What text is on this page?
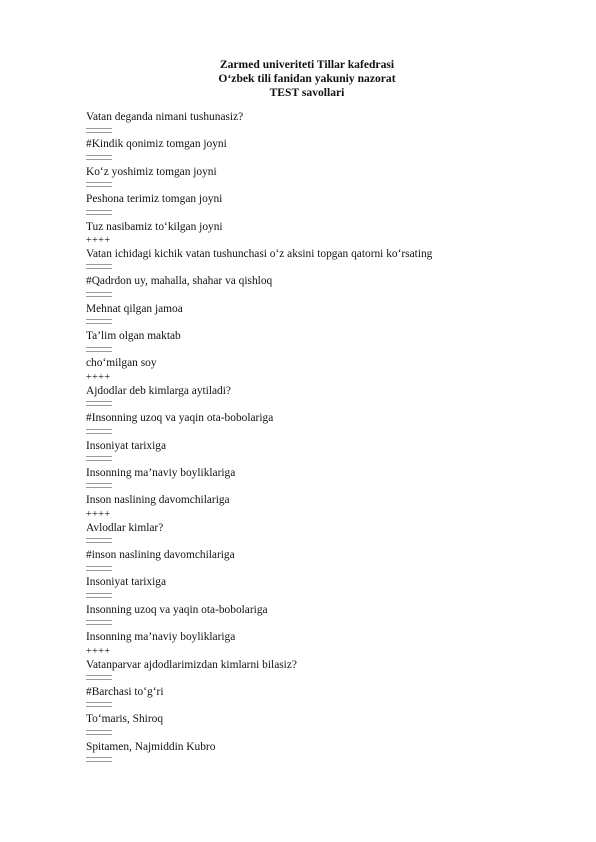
Zarmed univeriteti Tillar kafedrasi
O‘zbek tili fanidan yakuniy nazorat
TEST savollari
Vatan deganda nimani tushunasiz?
#Kindik qonimiz tomgan joyni
Ko‘z yoshimiz tomgan joyni
Peshona terimiz tomgan joyni
Tuz nasibamiz to‘kilgan joyni
++++
Vatan ichidagi kichik vatan tushunchasi o‘z aksini topgan qatorni ko‘rsating
#Qadrdon uy, mahalla, shahar va qishloq
Mehnat qilgan jamoa
Ta’lim olgan maktab
cho‘milgan soy
++++
Ajdodlar deb kimlarga aytiladi?
#Insonning uzoq va yaqin ota-bobolariga
Insoniyat tarixiga
Insonning ma’naviy boyliklariga
Inson naslining davomchilariga
++++
Avlodlar kimlar?
#inson naslining davomchilariga
Insoniyat tarixiga
Insonning uzoq va yaqin ota-bobolariga
Insonning ma’naviy boyliklariga
++++
Vatanparvar ajdodlarimizdan kimlarni bilasiz?
#Barchasi to‘g‘ri
To‘maris, Shiroq
Spitamen, Najmiddin Kubro
